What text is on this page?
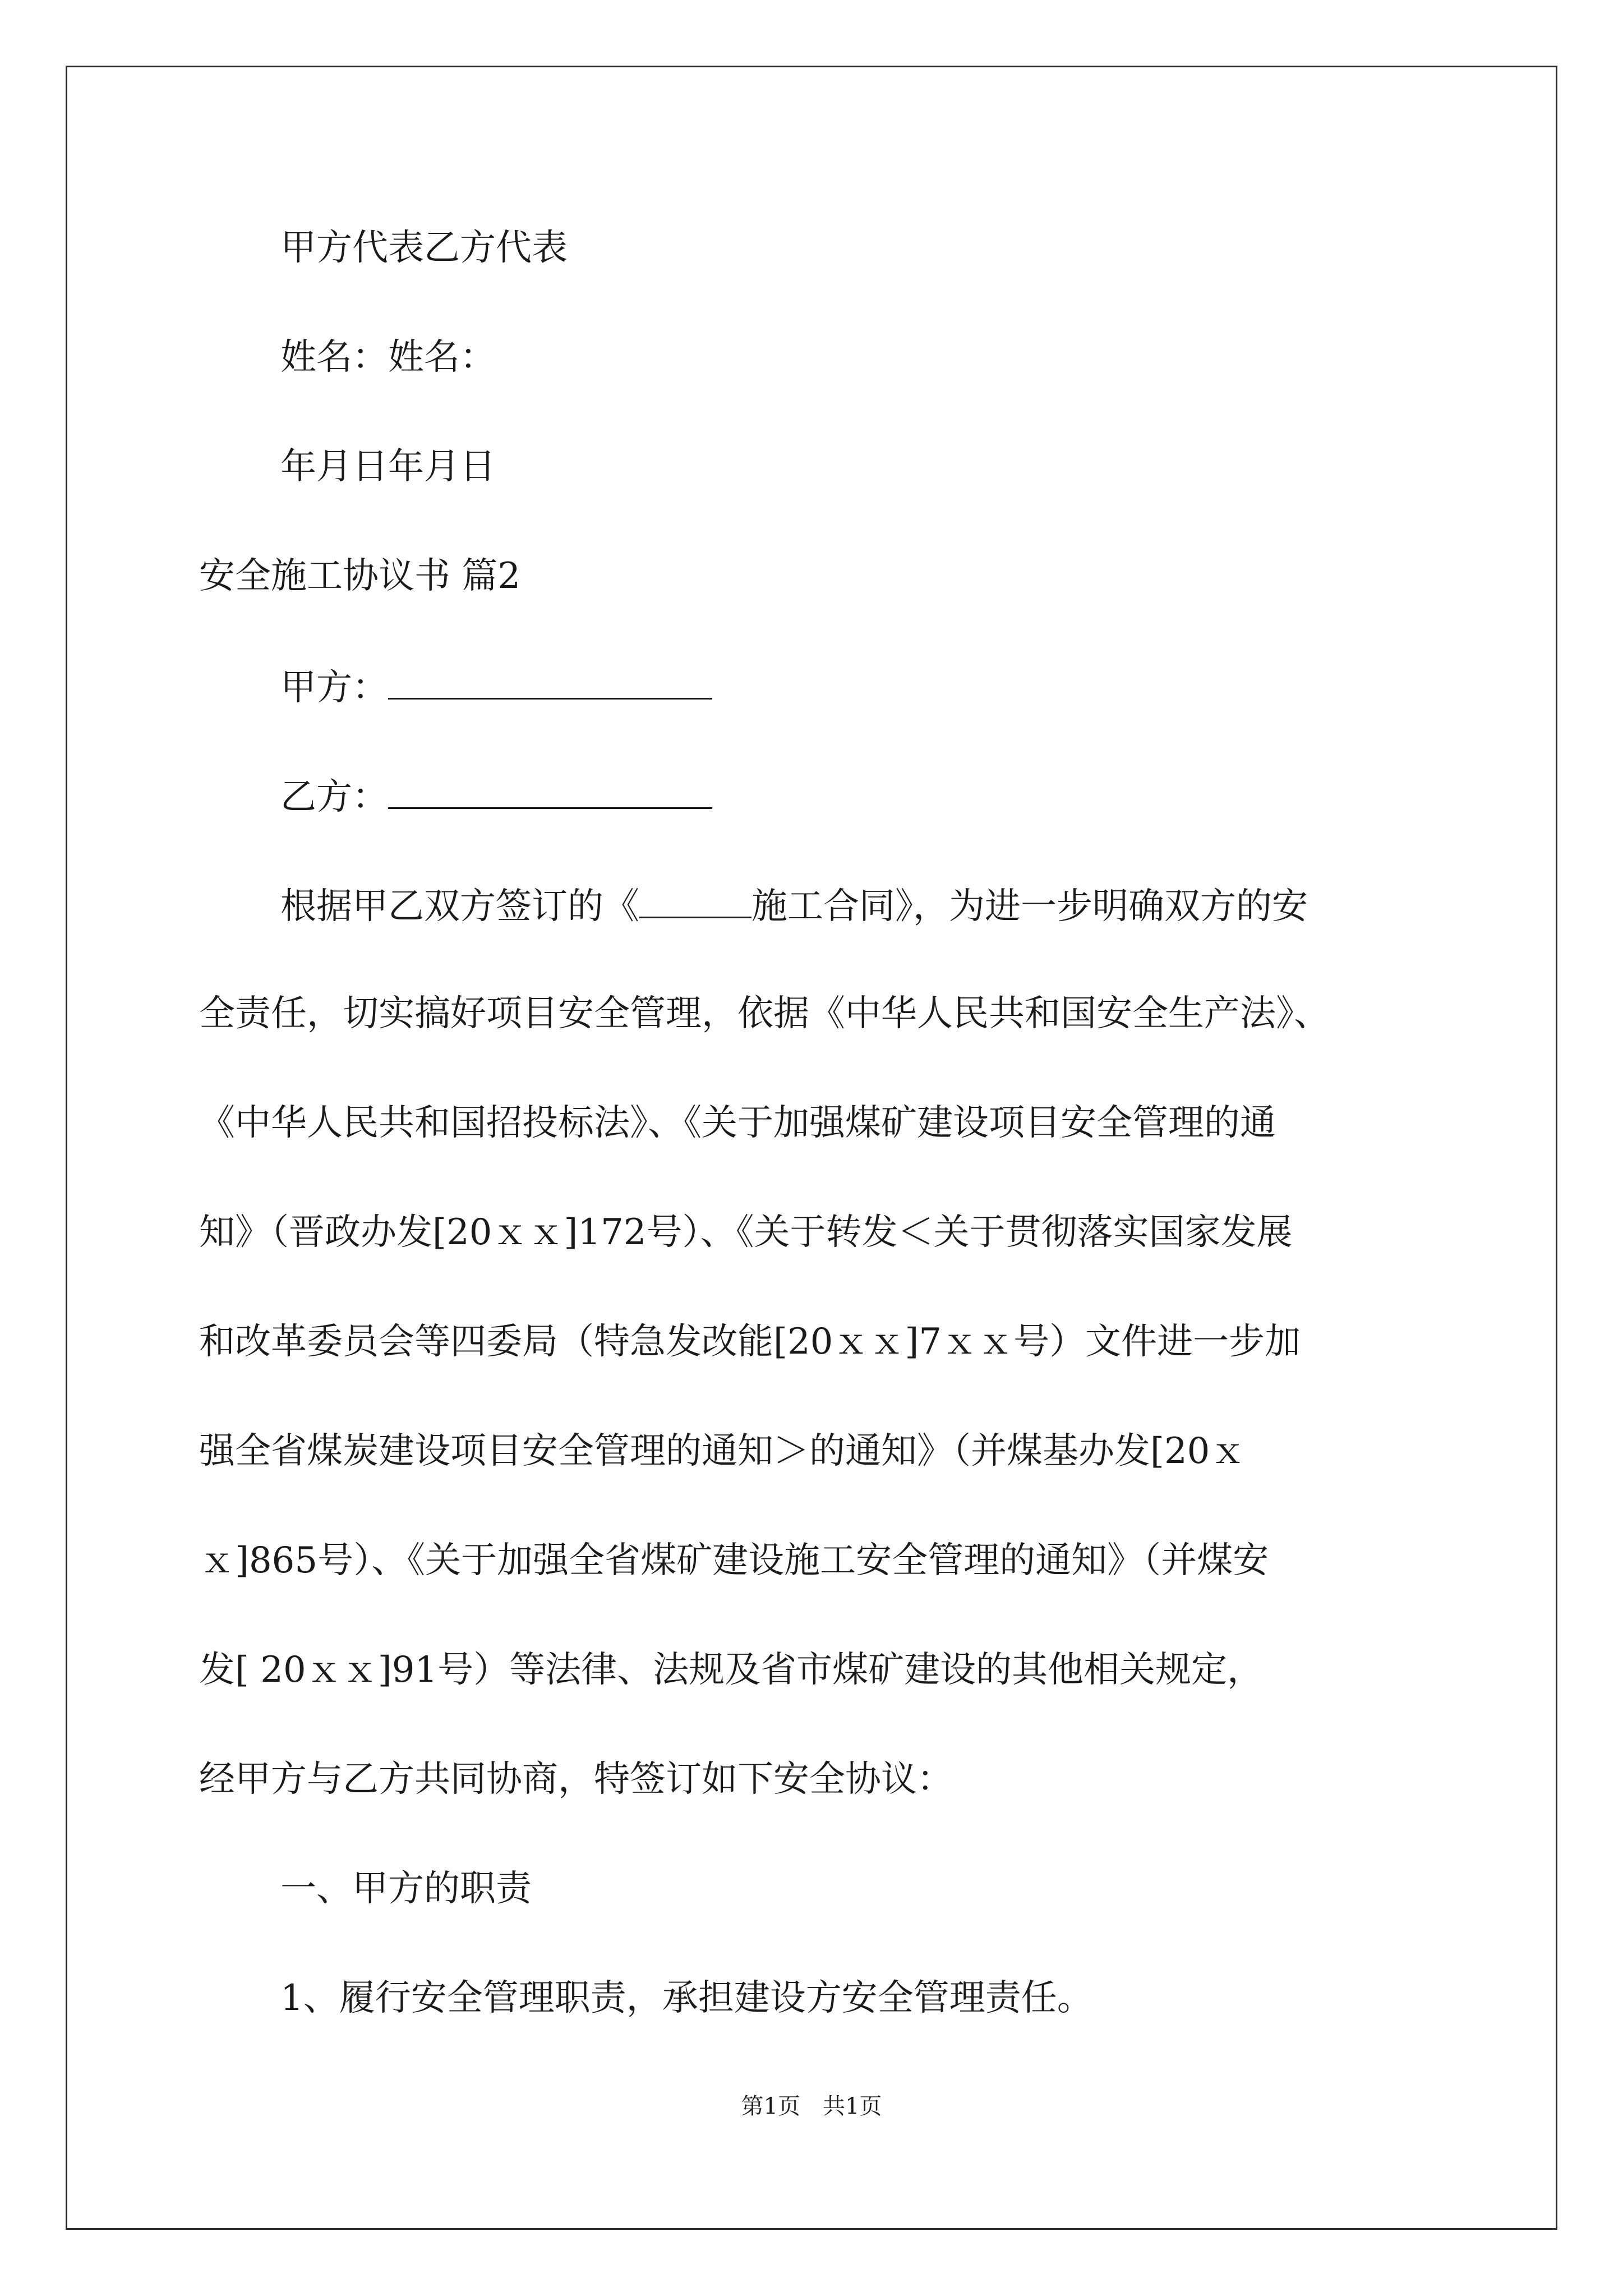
甲方代表乙方代表
姓名：姓名：
年月日年月日
安全施工协议书 篇2
甲方：
乙方：
根据甲乙双方签订的《	施工合同》，为进一步明确双方的安
全责任，切实搞好项目安全管理，依据《中华人民共和国安全生产法》、
《中华人民共和国招投标法》、《关于加强煤矿建设项目安全管理的通
知》（晋政办发[20ｘｘ]172号）、《关于转发＜关于贯彻落实国家发展
和改革委员会等四委局（特急发改能[20ｘｘ]7ｘｘ号）文件进一步加
强全省煤炭建设项目安全管理的通知＞的通知》（并煤基办发[20ｘ
ｘ]865号）、《关于加强全省煤矿建设施工安全管理的通知》（并煤安
发[ 20ｘｘ]91号）等法律、法规及省市煤矿建设的其他相关规定，
经甲方与乙方共同协商，特签订如下安全协议：
一、甲方的职责
1、履行安全管理职责，承担建设方安全管理责任。
第1页　共1页
